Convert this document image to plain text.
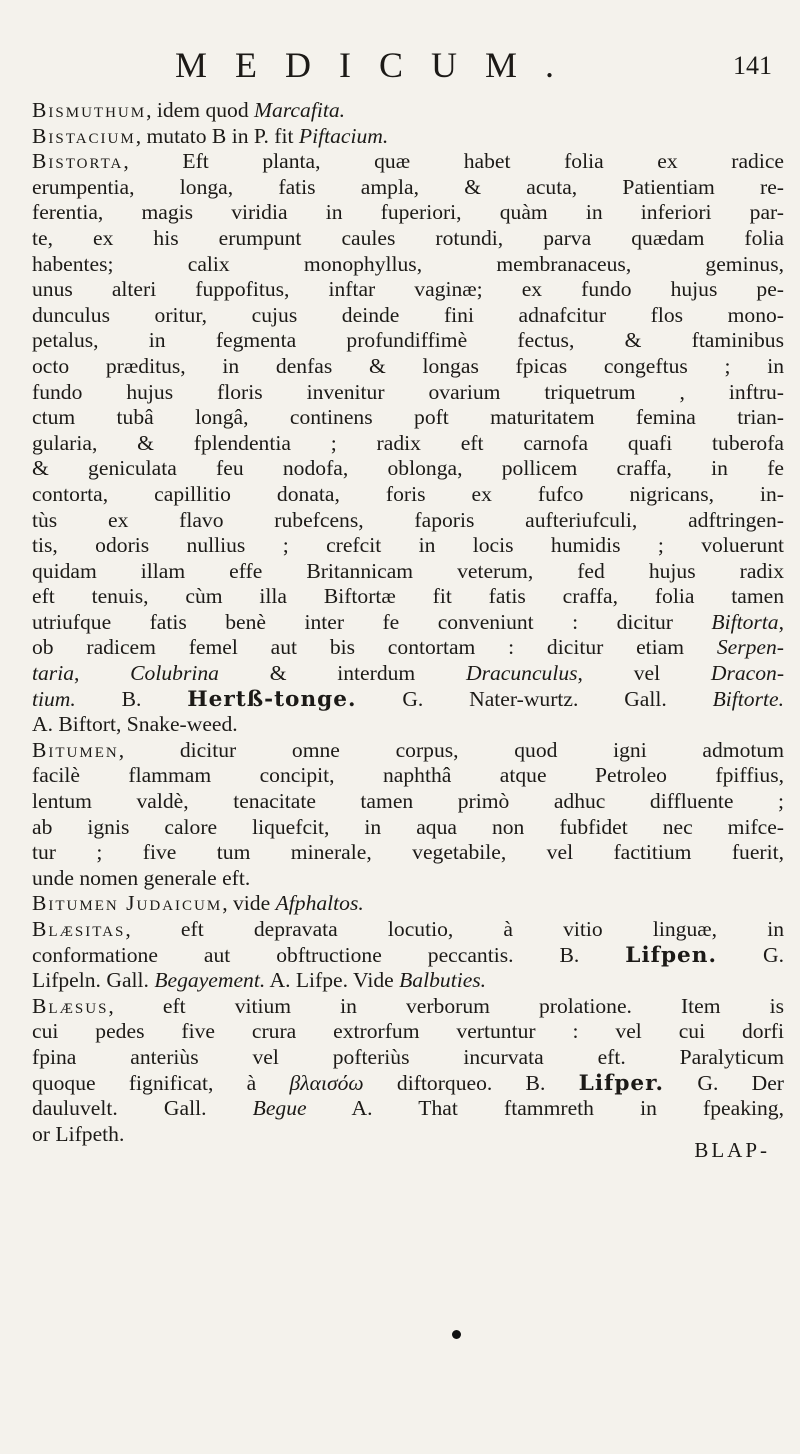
MEDICUM.	141

Bismuthum, idem quod Marcafita.

Bistacium, mutato B in P. fit Piftacium.

Bistorta, Eft planta, quæ habet folia ex radice
erumpentia, longa, fatis ampla, & acuta, Patientiam re-
ferentia, magis viridia in fuperiori, quàm in inferiori par-
te, ex his erumpunt caules rotundi, parva quædam folia
habentes; calix monophyllus, membranaceus, geminus,
unus alteri fuppofitus, inftar vaginæ; ex fundo hujus pe-
dunculus oritur, cujus deinde fini adnafcitur flos mono-
petalus, in fegmenta profundiffimè fectus, & ftaminibus
octo præditus, in denfas & longas fpicas congeftus ; in
fundo hujus floris invenitur ovarium triquetrum , inftru-
ctum tubâ longâ, continens poft maturitatem femina trian-
gularia, & fplendentia ; radix eft carnofa quafi tuberofa
& geniculata feu nodofa, oblonga, pollicem craffa, in fe
contorta, capillitio donata, foris ex fufco nigricans, in-
tùs ex flavo rubefcens, faporis aufteriufculi, adftringen-
tis, odoris nullius ; crefcit in locis humidis ; voluerunt
quidam illam effe Britannicam veterum, fed hujus radix
eft tenuis, cùm illa Biftortæ fit fatis craffa, folia tamen
utriufque fatis benè inter fe conveniunt : dicitur Biftorta,
ob radicem femel aut bis contortam : dicitur etiam Serpen-
taria, Colubrina & interdum Dracunculus, vel Dracon-
tium. B. Hertß-tonge. G. Nater-wurtz. Gall. Biftorte.
A. Biftort, Snake-weed.

Bitumen, dicitur omne corpus, quod igni admotum
facilè flammam concipit, naphthâ atque Petroleo fpiffius,
lentum valdè, tenacitate tamen primò adhuc diffluente ;
ab ignis calore liquefcit, in aqua non fubfidet nec mifce-
tur ; five tum minerale, vegetabile, vel factitium fuerit,
unde nomen generale eft.

Bitumen Judaicum, vide Afphaltos.

Blæsitas, eft depravata locutio, à vitio linguæ, in
conformatione aut obftructione peccantis. B. Lifpen. G.
Lifpeln. Gall. Begayement. A. Lifpe. Vide Balbuties.

Blæsus, eft vitium in verborum prolatione. Item is
cui pedes five crura extrorfum vertuntur : vel cui dorfi
fpina anteriùs vel pofteriùs incurvata eft. Paralyticum
quoque fignificat, à βλαισόω diftorqueo. B. Lifper. G. Der
dauluvelt. Gall. Begue A. That ftammreth in fpeaking,
or Lifpeth.

BLAP-
